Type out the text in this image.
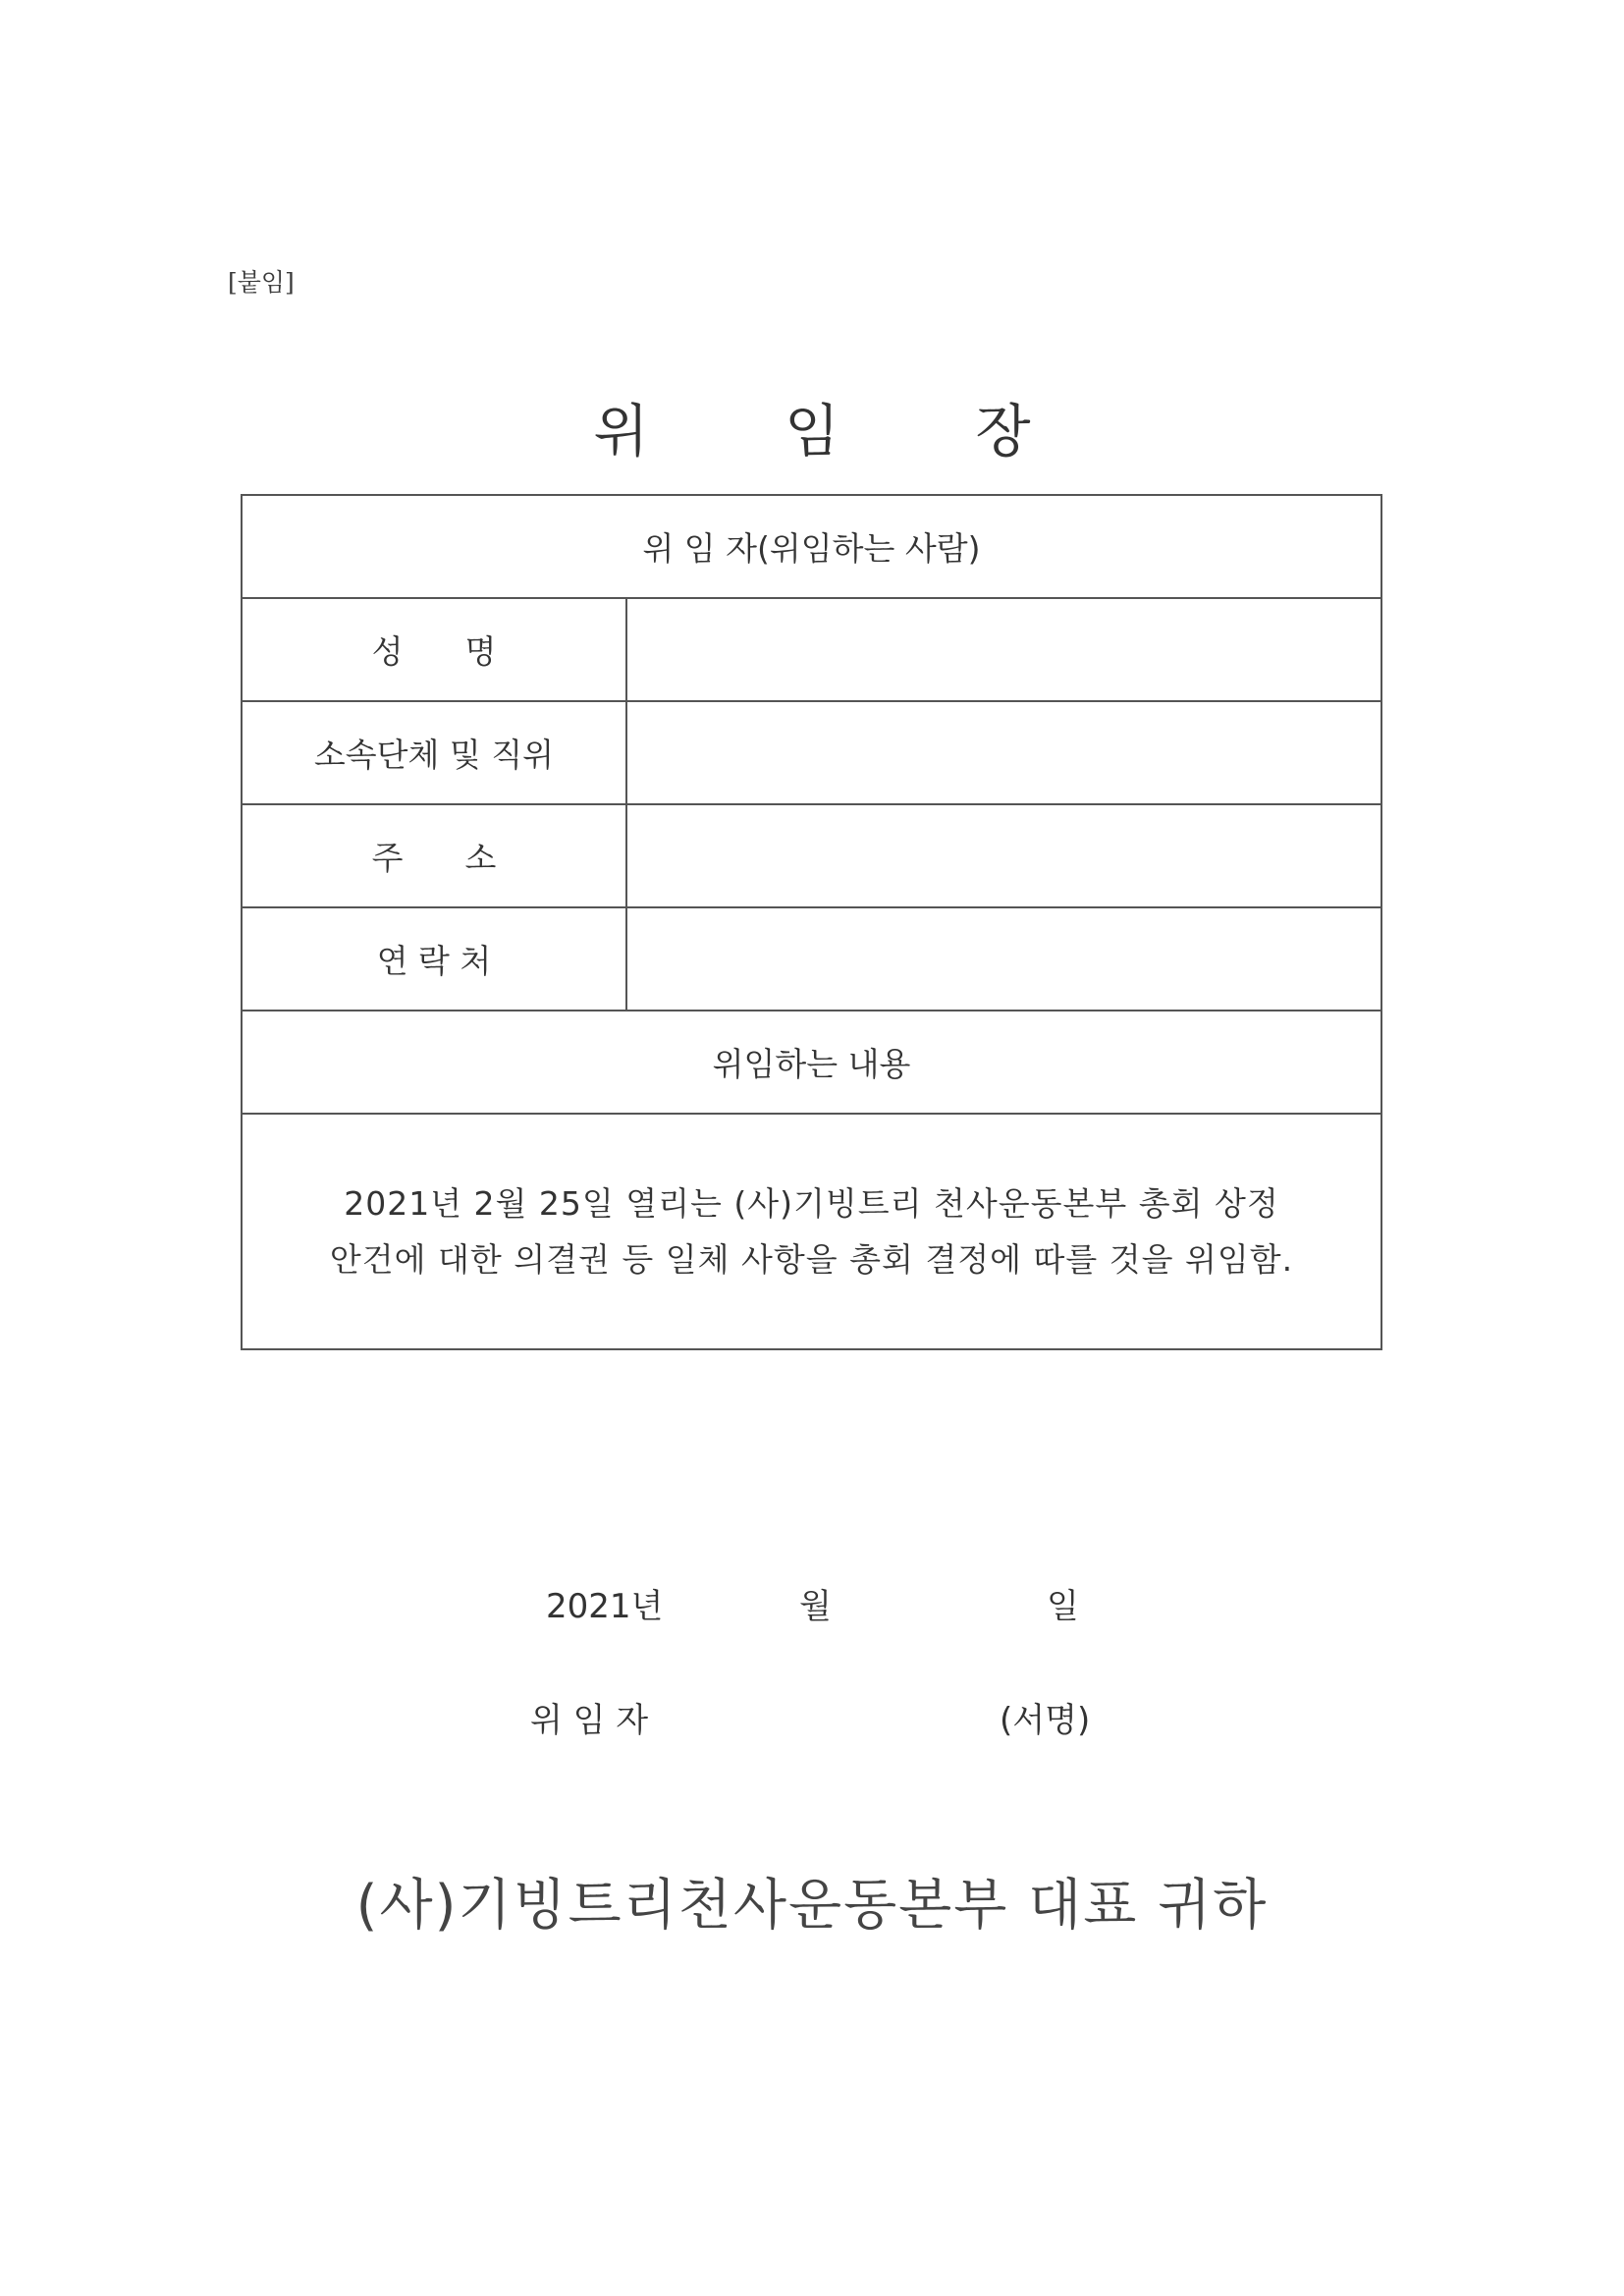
[붙임]
위 임 장
위 임 자(위임하는 사람)
성      명
소속단체 및 직위
주      소
연 락 처
위임하는 내용
2021년 2월 25일 열리는 (사)기빙트리 천사운동본부 총회 상정
안건에 대한 의결권 등 일체 사항을 총회 결정에 따를 것을 위임함.
2021년	월	일
위 임 자	(서명)
(사)기빙트리천사운동본부 대표 귀하
